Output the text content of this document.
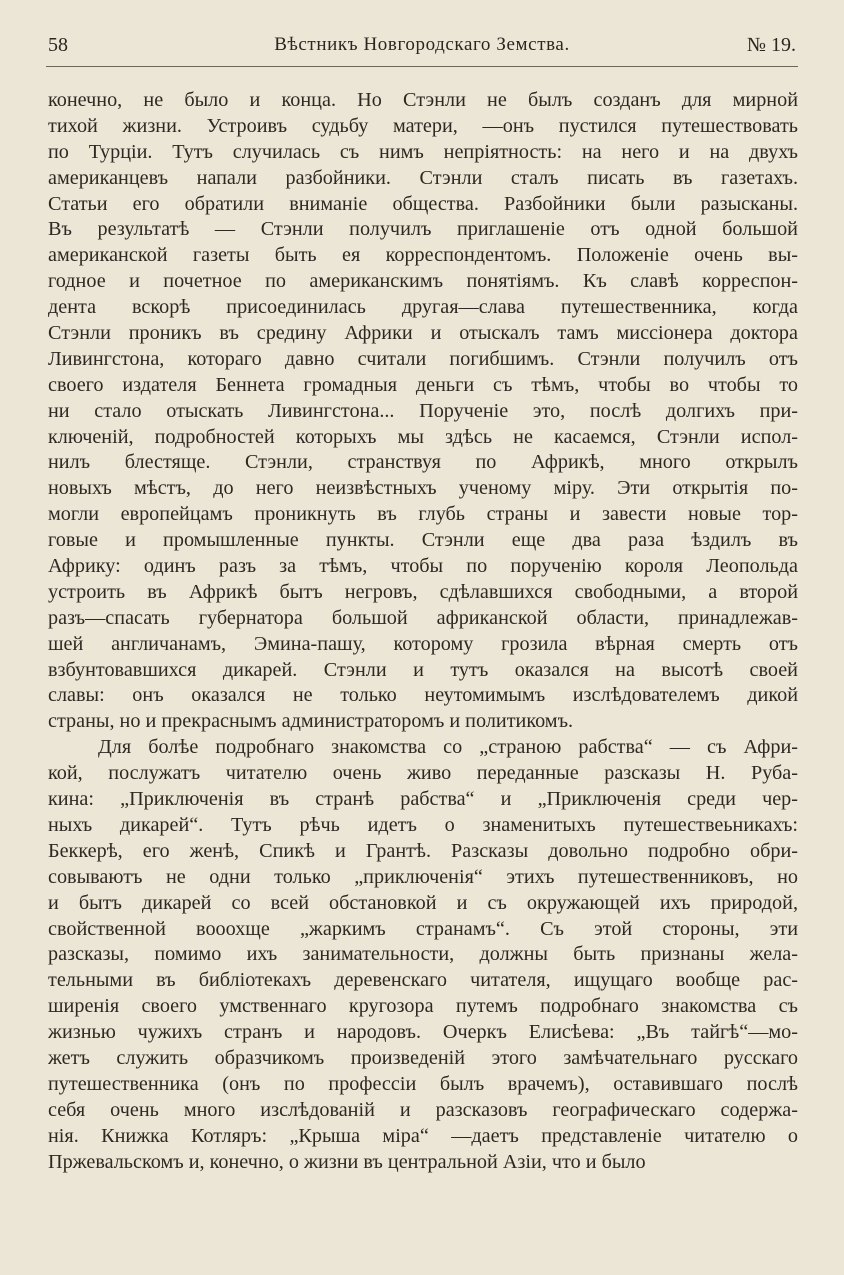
58	Вѣстникъ Новгородскаго Земства.	№ 19.
конечно, не было и конца. Но Стэнли не былъ созданъ для мирной
тихой жизни. Устроивъ судьбу матери, —онъ пустился путешествовать
по Турціи. Тутъ случилась съ нимъ непріятность: на него и на двухъ
американцевъ напали разбойники. Стэнли сталъ писать въ газетахъ.
Статьи его обратили вниманіе общества. Разбойники были разысканы.
Въ результатѣ — Стэнли получилъ приглашеніе отъ одной большой
американской газеты быть ея корреспондентомъ. Положеніе очень вы-
годное и почетное по американскимъ понятіямъ. Къ славѣ корреспон-
дента вскорѣ присоединилась другая—слава путешественника, когда
Стэнли проникъ въ средину Африки и отыскалъ тамъ миссіонера доктора
Ливингстона, котораго давно считали погибшимъ. Стэнли получилъ отъ
своего издателя Беннета громадныя деньги съ тѣмъ, чтобы во чтобы то
ни стало отыскать Ливингстона... Порученіе это, послѣ долгихъ при-
ключеній, подробностей которыхъ мы здѣсь не касаемся, Стэнли испол-
нилъ блестяще. Стэнли, странствуя по Африкѣ, много открылъ
новыхъ мѣстъ, до него неизвѣстныхъ ученому міру. Эти открытія по-
могли европейцамъ проникнуть въ глубь страны и завести новые тор-
говые и промышленные пункты. Стэнли еще два раза ѣздилъ въ
Африку: одинъ разъ за тѣмъ, чтобы по порученію короля Леопольда
устроить въ Африкѣ бытъ негровъ, сдѣлавшихся свободными, а второй
разъ—спасать губернатора большой африканской области, принадлежав-
шей англичанамъ, Эмина-пашу, которому грозила вѣрная смерть отъ
взбунтовавшихся дикарей. Стэнли и тутъ оказался на высотѣ своей
славы: онъ оказался не только неутомимымъ изслѣдователемъ дикой
страны, но и прекраснымъ администраторомъ и политикомъ.
Для болѣе подробнаго знакомства со „страною рабства“ — съ Афри-
кой, послужатъ читателю очень живо переданные разсказы Н. Руба-
кина: „Приключенія въ странѣ рабства“ и „Приключенія среди чер-
ныхъ дикарей“. Тутъ рѣчь идетъ о знаменитыхъ путешествеьникахъ:
Беккерѣ, его женѣ, Спикѣ и Грантѣ. Разсказы довольно подробно обри-
совываютъ не одни только „приключенія“ этихъ путешественниковъ, но
и бытъ дикарей со всей обстановкой и съ окружающей ихъ природой,
свойственной вооохще „жаркимъ странамъ“. Съ этой стороны, эти
разсказы, помимо ихъ занимательности, должны быть признаны жела-
тельными въ библіотекахъ деревенскаго читателя, ищущаго вообще рас-
ширенія своего умственнаго кругозора путемъ подробнаго знакомства съ
жизнью чужихъ странъ и народовъ. Очеркъ Елисѣева: „Въ тайгѣ“—мо-
жетъ служить образчикомъ произведеній этого замѣчательнаго русскаго
путешественника (онъ по профессіи былъ врачемъ), оставившаго послѣ
себя очень много изслѣдованій и разсказовъ географическаго содержа-
нія. Книжка Котляръ: „Крыша міра“ —даетъ представленіе читателю о
Пржевальскомъ и, конечно, о жизни въ центральной Азіи, что и было
